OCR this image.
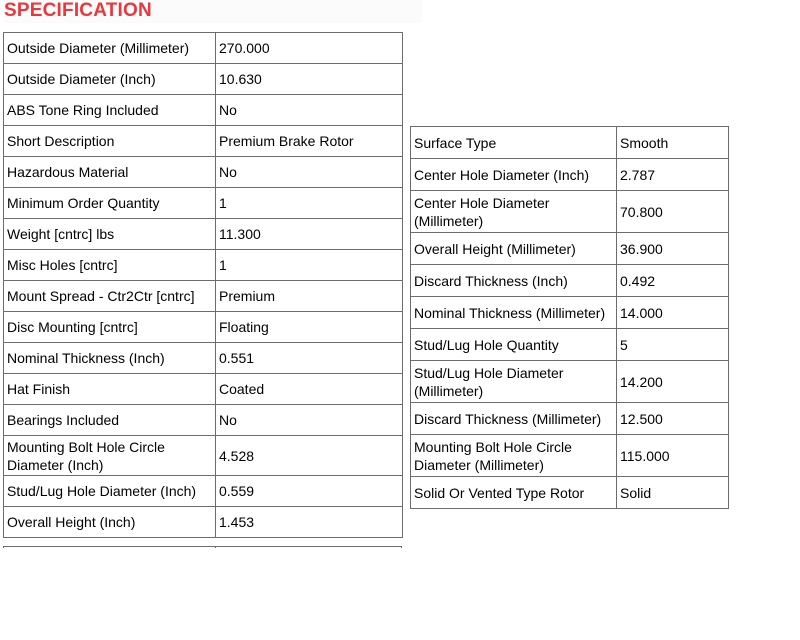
SPECIFICATION
Outside Diameter (Millimeter)	270.000
Outside Diameter (Inch)	10.630
ABS Tone Ring Included	No
Short Description	Premium Brake Rotor
Hazardous Material	No
Minimum Order Quantity	1
Weight [cntrc] lbs	11.300
Misc Holes [cntrc]	1
Mount Spread - Ctr2Ctr [cntrc]	Premium
Disc Mounting [cntrc]	Floating
Nominal Thickness (Inch)	0.551
Hat Finish	Coated
Bearings Included	No
Mounting Bolt Hole Circle Diameter (Inch)	4.528
Stud/Lug Hole Diameter (Inch)	0.559
Overall Height (Inch)	1.453
Surface Type	Smooth
Center Hole Diameter (Inch)	2.787
Center Hole Diameter (Millimeter)	70.800
Overall Height (Millimeter)	36.900
Discard Thickness (Inch)	0.492
Nominal Thickness (Millimeter)	14.000
Stud/Lug Hole Quantity	5
Stud/Lug Hole Diameter (Millimeter)	14.200
Discard Thickness (Millimeter)	12.500
Mounting Bolt Hole Circle Diameter (Millimeter)	115.000
Solid Or Vented Type Rotor	Solid
